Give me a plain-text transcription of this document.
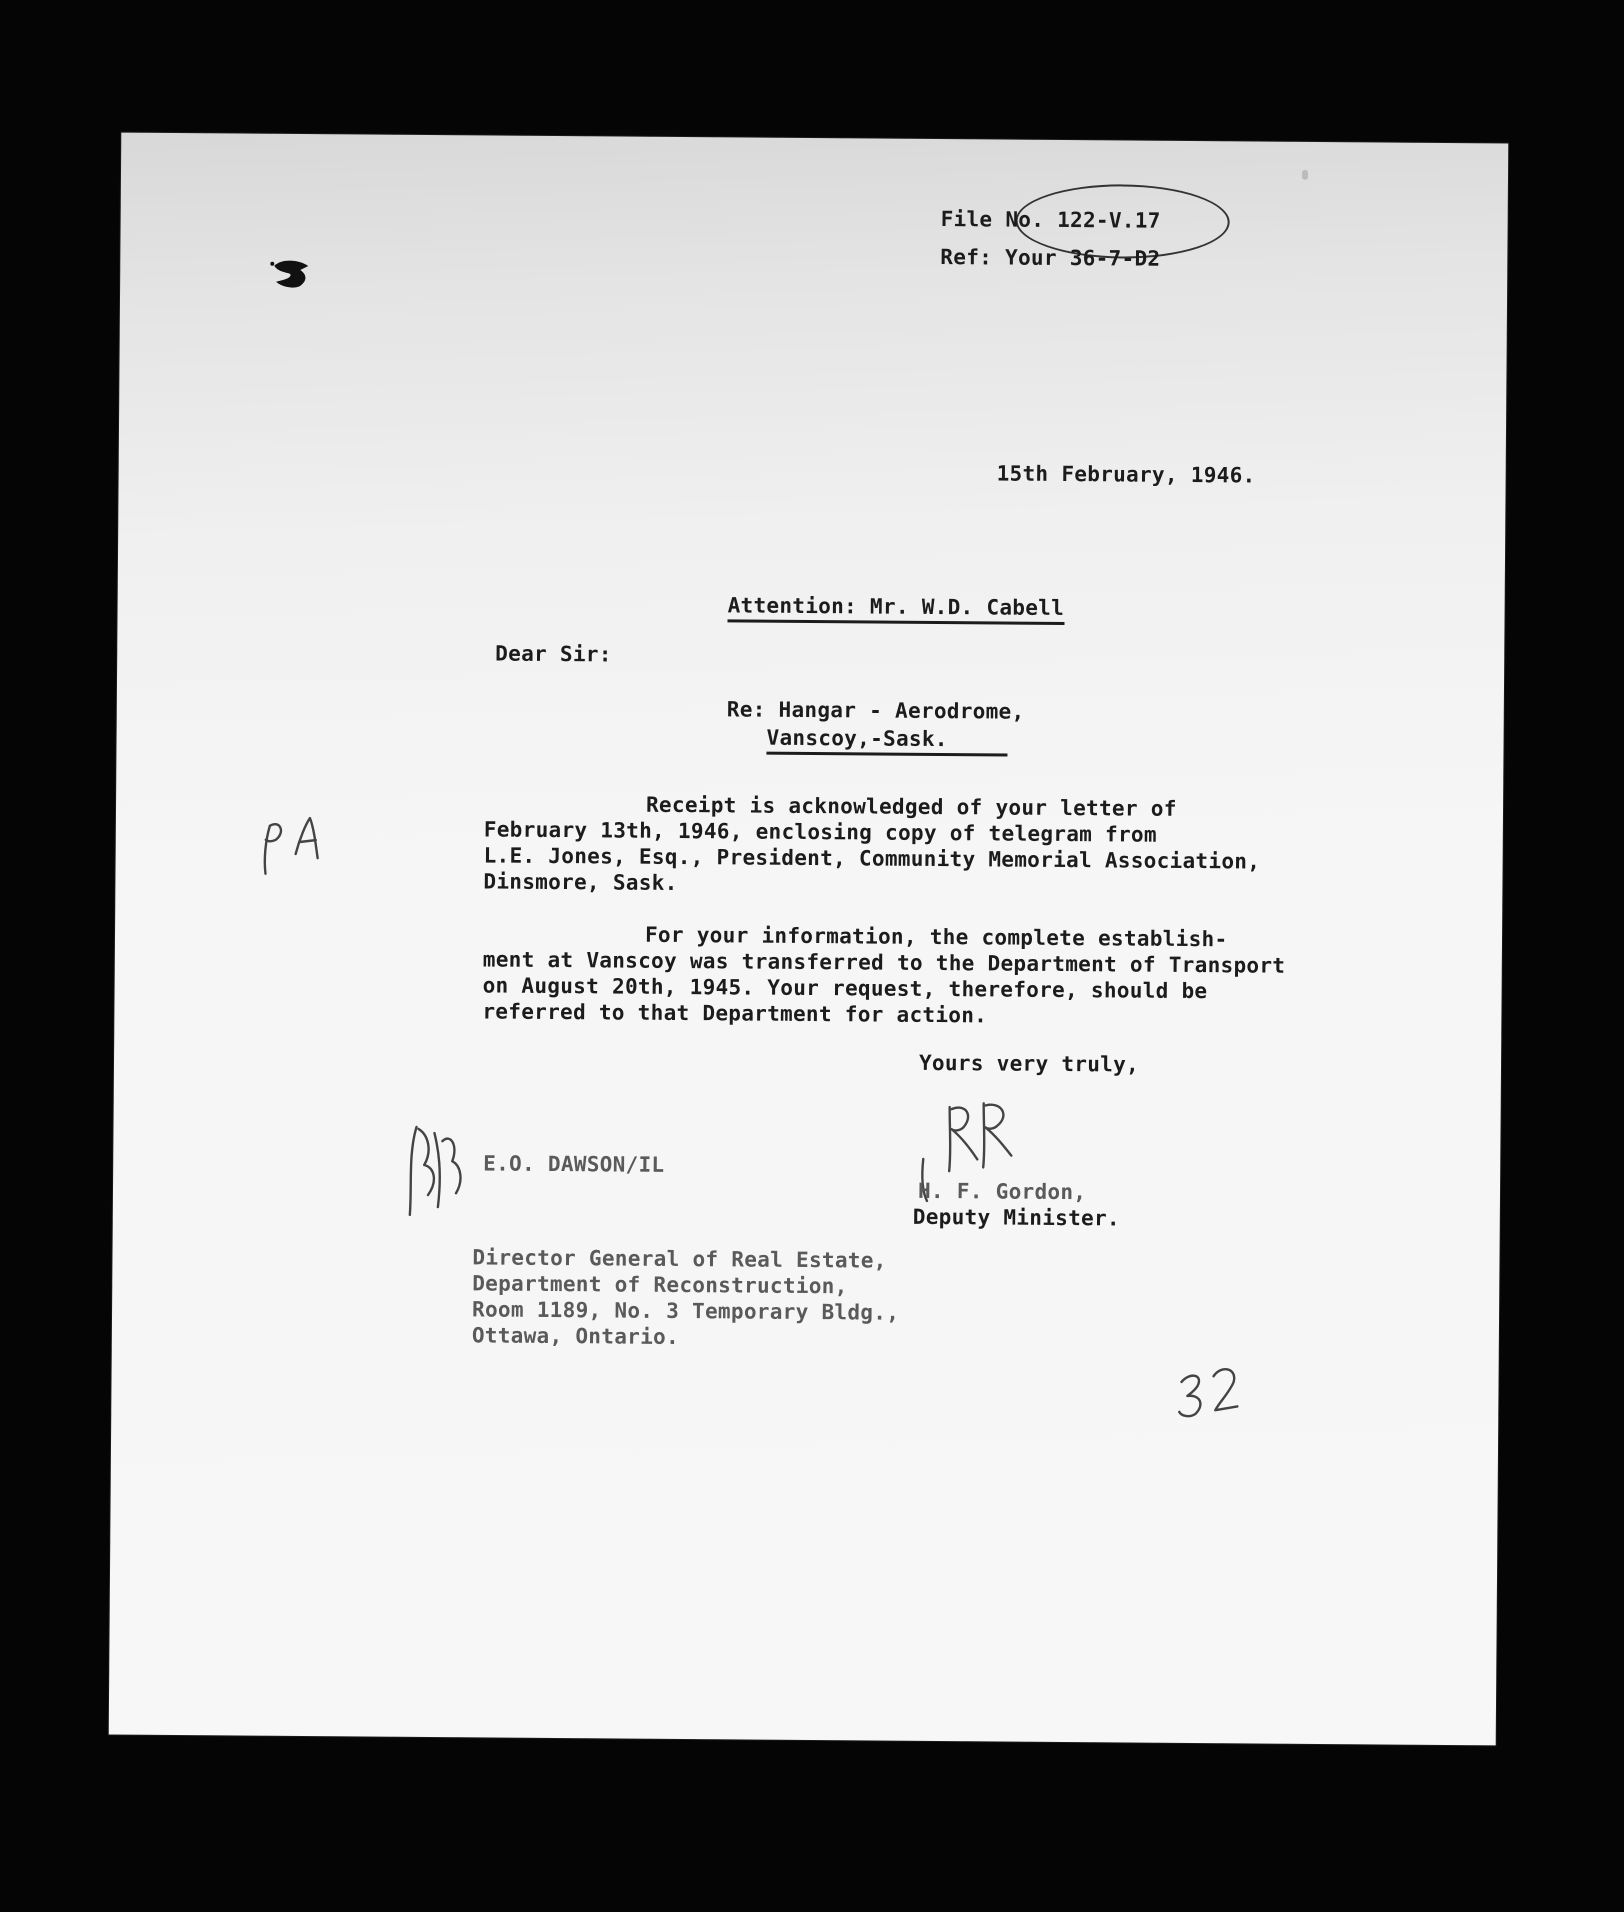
File No. 122-V.17
Ref: Your 36-7-D2
15th February, 1946.
Attention: Mr. W.D. Cabell
Dear Sir:
Re: Hangar - Aerodrome,
Vanscoy,-Sask.
Receipt is acknowledged of your letter of
February 13th, 1946, enclosing copy of telegram from
L.E. Jones, Esq., President, Community Memorial Association,
Dinsmore, Sask.
For your information, the complete establish-
ment at Vanscoy was transferred to the Department of Transport
on August 20th, 1945. Your request, therefore, should be
referred to that Department for action.
Yours very truly,
E.O. DAWSON/IL
H. F. Gordon,
Deputy Minister.
Director General of Real Estate,
Department of Reconstruction,
Room 1189, No. 3 Temporary Bldg.,
Ottawa, Ontario.
